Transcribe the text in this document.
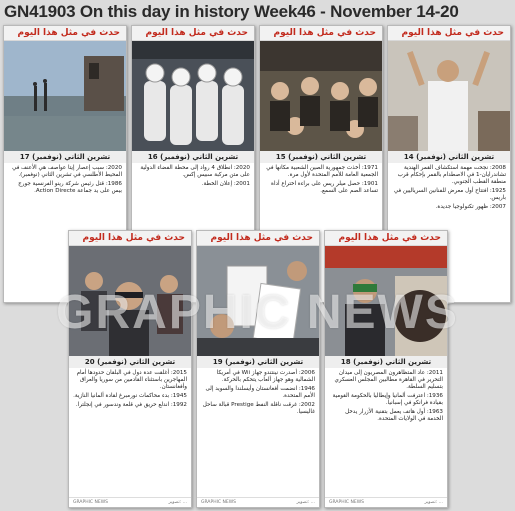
GN41903 On this day in history Week46 - November 14-20
حدث في مثل هذا اليوم
17 تشرين الثاني (نوفمبر)

2020: سبب إعصار إيتا عواصف هي الأعنف في المحيط الأطلسي في تشرين الثاني (نوفمبر).

1986: قتل رئيس شركة رينو الفرنسية جورج بيس على يد جماعة Action Directe.

حدث في مثل هذا اليوم
16 تشرين الثاني (نوفمبر)

2020: انطلاق 4 رواد إلى محطة الفضاء الدولية على متن مركبة سبيس إكس.

2001: إعلان الخطة.

حدث في مثل هذا اليوم
15 تشرين الثاني (نوفمبر)

1971: أخذت جمهورية الصين الشعبية مكانها في الجمعية العامة للأمم المتحدة لأول مرة.

1901: حصل ميلر ريس على براءة اختراع أداة تساعد الصم على السمع.

حدث في مثل هذا اليوم
14 تشرين الثاني (نوفمبر)

2008: نجحت مهمة استكشاف القمر الهندية تشاندرايان-1 في الاصطدام بالقمر بإحكام قرب منطقة القطب الجنوبي.

1925: افتتاح أول معرض للفنانين السرياليين في باريس.

2007: ظهور تكنولوجيا جديدة.

حدث في مثل هذا اليوم
20 تشرين الثاني (نوفمبر)

2015: أغلقت عدة دول في البلقان حدودها أمام المهاجرين باستثناء القادمين من سوريا والعراق وأفغانستان.

1945: بدء محاكمات نورمبرغ لقادة ألمانيا النازية.

1992: اندلع حريق في قلعة وندسور في إنجلترا.

GRAPHIC NEWS	تصوير: ...
حدث في مثل هذا اليوم
19 تشرين الثاني (نوفمبر)

2006: أصدرت نينتندو جهاز Wii في أمريكا الشمالية وهو جهاز ألعاب يتحكم بالحركة.

1946: انضمت أفغانستان وأيسلندا والسويد إلى الأمم المتحدة.

2002: غرقت ناقلة النفط Prestige قبالة ساحل غاليسيا.

GRAPHIC NEWS	تصوير: ...
حدث في مثل هذا اليوم
18 تشرين الثاني (نوفمبر)

2011: عاد المتظاهرون المصريون إلى ميدان التحرير في القاهرة مطالبين المجلس العسكري بتسليم السلطة.

1936: اعترفت ألمانيا وإيطاليا بالحكومة القومية بقيادة فرانكو في إسبانيا.

1963: أول هاتف يعمل بتقنية الأزرار يدخل الخدمة في الولايات المتحدة.

GRAPHIC NEWS	تصوير: ...
GRAPHIC NEWS
